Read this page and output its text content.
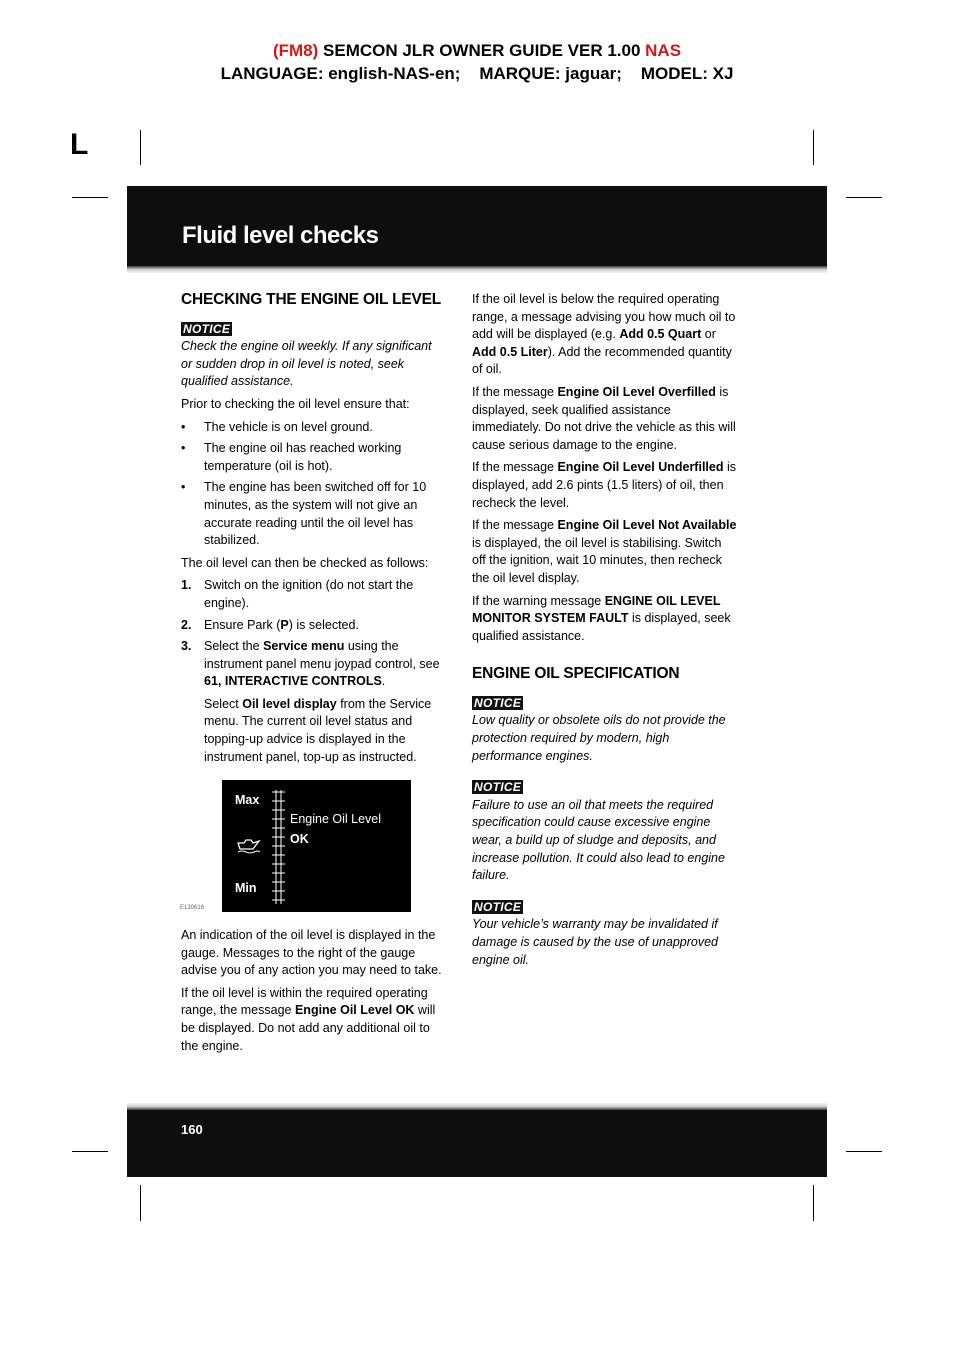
(FM8) SEMCON JLR OWNER GUIDE VER 1.00 NAS
LANGUAGE: english-NAS-en;    MARQUE: jaguar;    MODEL: XJ
L
Fluid level checks
CHECKING THE ENGINE OIL LEVEL
NOTICE

Check the engine oil weekly. If any significant or sudden drop in oil level is noted, seek qualified assistance.

Prior to checking the oil level ensure that:

• The vehicle is on level ground.
• The engine oil has reached working temperature (oil is hot).
• The engine has been switched off for 10 minutes, as the system will not give an accurate reading until the oil level has stabilized.

The oil level can then be checked as follows:

1. Switch on the ignition (do not start the engine).
2. Ensure Park (P) is selected.
3. Select the Service menu using the instrument panel menu joypad control, see 61, INTERACTIVE CONTROLS.
Select Oil level display from the Service menu. The current oil level status and topping-up advice is displayed in the instrument panel, top-up as instructed.
Max
Min
Engine Oil Level
OK
E130616

An indication of the oil level is displayed in the gauge. Messages to the right of the gauge advise you of any action you may need to take.

If the oil level is within the required operating range, the message Engine Oil Level OK will be displayed. Do not add any additional oil to the engine.

If the oil level is below the required operating range, a message advising you how much oil to add will be displayed (e.g. Add 0.5 Quart or Add 0.5 Liter). Add the recommended quantity of oil.

If the message Engine Oil Level Overfilled is displayed, seek qualified assistance immediately. Do not drive the vehicle as this will cause serious damage to the engine.

If the message Engine Oil Level Underfilled is displayed, add 2.6 pints (1.5 liters) of oil, then recheck the level.

If the message Engine Oil Level Not Available is displayed, the oil level is stabilising. Switch off the ignition, wait 10 minutes, then recheck the oil level display.

If the warning message ENGINE OIL LEVEL MONITOR SYSTEM FAULT is displayed, seek qualified assistance.

ENGINE OIL SPECIFICATION
NOTICE

Low quality or obsolete oils do not provide the protection required by modern, high performance engines.

NOTICE

Failure to use an oil that meets the required specification could cause excessive engine wear, a build up of sludge and deposits, and increase pollution. It could also lead to engine failure.

NOTICE

Your vehicle’s warranty may be invalidated if damage is caused by the use of unapproved engine oil.

160
